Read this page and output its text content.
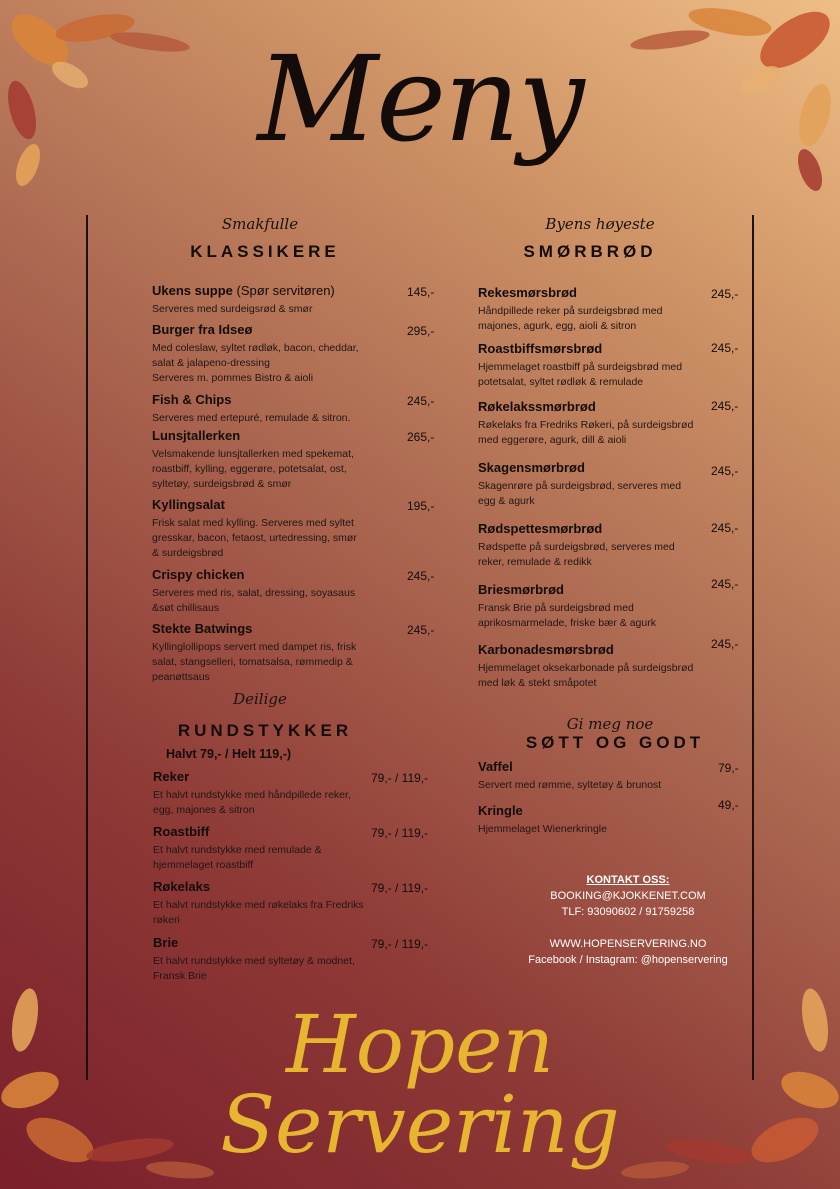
Meny
Smakfulle
KLASSIKERE
Ukens suppe (Spør servitøren)	145,-
Serveres med surdeigsrød & smør
Burger fra Idseø	295,-
Med coleslaw, syltet rødløk, bacon, cheddar,
salat & jalapeno-dressing
Serveres m. pommes Bistro & aioli
Fish & Chips	245,-
Serveres med ertepuré, remulade & sitron.
Lunsjtallerken	265,-
Velsmakende lunsjtallerken med spekemat,
roastbiff, kylling, eggerøre, potetsalat, ost,
syltetøy, surdeigsbrød & smør
Kyllingsalat	195,-
Frisk salat med kylling. Serveres med syltet
gresskar, bacon, fetaost, urtedressing, smør
& surdeigsbrød
Crispy chicken	245,-
Serveres med ris, salat, dressing, soyasaus
&søt chillisaus
Stekte Batwings	245,-
Kyllinglollipops servert med dampet ris, frisk
salat, stangselleri, tomatsalsa, rømmedip &
peanøttsaus
Deilige
RUNDSTYKKER
Halvt 79,- / Helt 119,-)
Reker	79,- / 119,-
Et halvt rundstykke med håndpillede reker,
egg, majones & sitron
Roastbiff	79,- / 119,-
Et halvt rundstykke med remulade &
hjemmelaget roastbiff
Røkelaks	79,- / 119,-
Et halvt rundstykke med røkelaks fra Fredriks
røkeri
Brie	79,- / 119,-
Et halvt rundstykke med syltetøy & modnet,
Fransk Brie
Byens høyeste
SMØRBRØD
Rekesmørsbrød	245,-
Håndpillede reker på surdeigsbrød med
majones, agurk, egg, aioli & sitron
Roastbiffsmørsbrød	245,-
Hjemmelaget roastbiff på surdeigsbrød med
potetsalat, syltet rødløk & remulade
Røkelakssmørbrød	245,-
Røkelaks fra Fredriks Røkeri, på surdeigsbrød
med eggerøre, agurk, dill & aioli
Skagensmørbrød	245,-
Skagenrøre på surdeigsbrød, serveres med
egg & agurk
Rødspettesmørbrød	245,-
Rødspette på surdeigsbrød, serveres med
reker, remulade & redikk
Briesmørbrød	245,-
Fransk Brie på surdeigsbrød med
aprikosmarmelade, friske bær & agurk
Karbonadesmørsbrød	245,-
Hjemmelaget oksekarbonade på surdeigsbrød
med løk & stekt småpotet
Gi meg noe
SØTT OG GODT
Vaffel	79,-
Servert med rømme, syltetøy & brunost
Kringle	49,-
Hjemmelaget Wienerkringle
KONTAKT OSS:
BOOKING@KJOKKENET.COM
TLF: 93090602 / 91759258
WWW.HOPENSERVERING.NO
Facebook / Instagram: @hopenservering
Hopen Servering
